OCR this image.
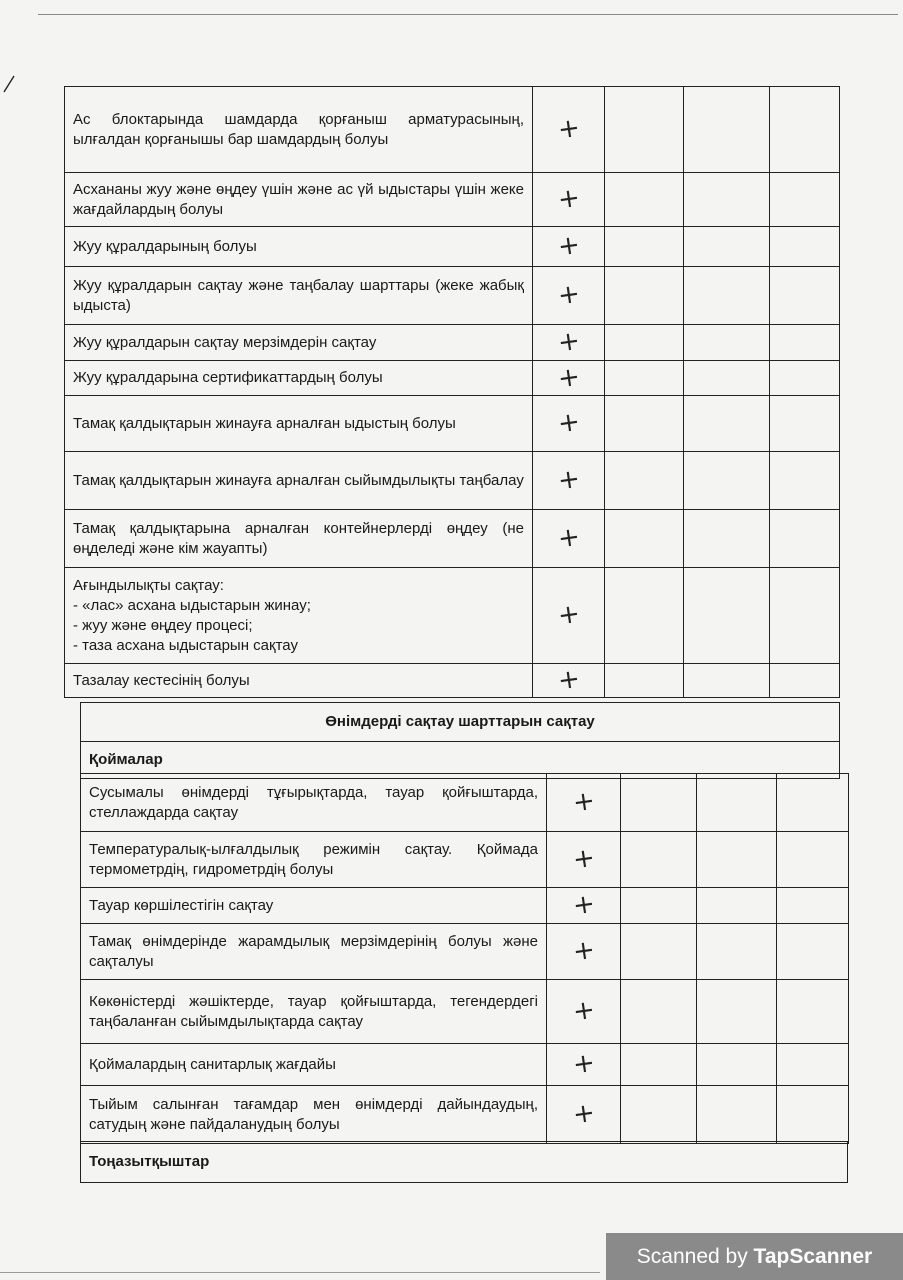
Ас блоктарында шамдарда қорғаныш арматурасының, ылғалдан қорғанышы бар шамдардың болуы	+			
Асхананы жуу және өңдеу үшін және ас үй ыдыстары үшін жеке жағдайлардың болуы	+			
Жуу құралдарының болуы	+			
Жуу құралдарын сақтау және таңбалау шарттары (жеке жабық ыдыста)	+			
Жуу құралдарын сақтау мерзімдерін сақтау	+			
Жуу құралдарына сертификаттардың болуы	+			
Тамақ қалдықтарын жинауға арналған ыдыстың болуы	+			
Тамақ қалдықтарын жинауға арналған сыйымдылықты таңбалау	+			
Тамақ қалдықтарына арналған контейнерлерді өңдеу (не өңделеді және кім жауапты)	+			
Ағындылықты сақтау:
- «лас» асхана ыдыстарын жинау;
- жуу және өңдеу процесі;
- таза асхана ыдыстарын сақтау	+			
Тазалау кестесінің болуы	+			
Өнімдерді сақтау шарттарын сақтау
Қоймалар
Сусымалы өнімдерді тұғырықтарда, тауар қойғыштарда, стеллаждарда сақтау	+			
Температуралық-ылғалдылық режимін сақтау. Қоймада термометрдің, гидрометрдің болуы	+			
Тауар көршілестігін сақтау	+			
Тамақ өнімдерінде жарамдылық мерзімдерінің болуы және сақталуы	+			
Көкөністерді жәшіктерде, тауар қойғыштарда, тегендердегі таңбаланған сыйымдылықтарда сақтау	+			
Қоймалардың санитарлық жағдайы	+			
Тыйым салынған тағамдар мен өнімдерді дайындаудың, сатудың және пайдаланудың болуы	+			
Тоңазытқыштар
Scanned by TapScanner
